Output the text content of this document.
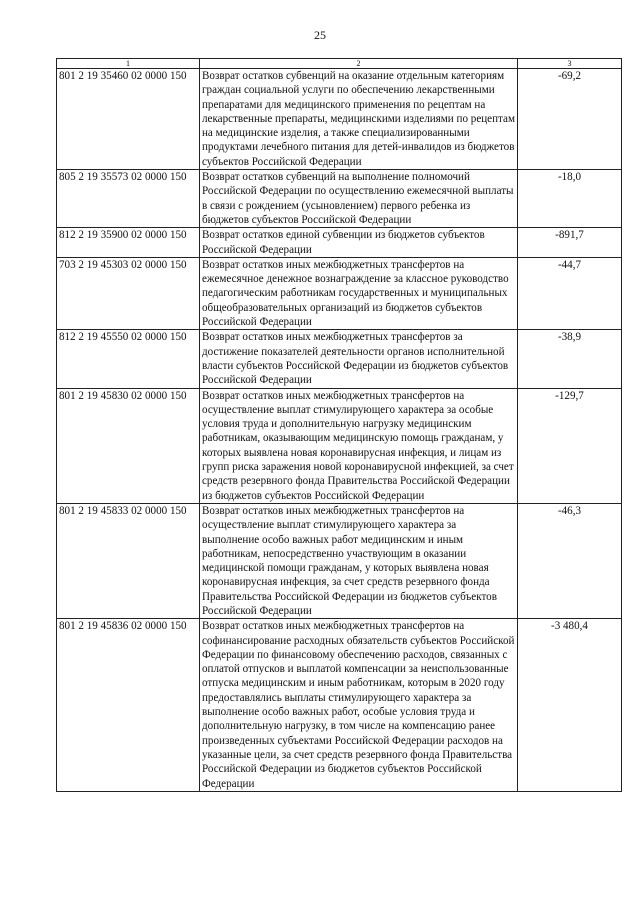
25
1	2	3
801 2 19 35460 02 0000 150	Возврат остатков субвенций на оказание отдельным категориям граждан социальной услуги по обеспечению лекарственными препаратами для медицинского применения по рецептам на лекарственные препараты, медицинскими изделиями по рецептам на медицинские изделия, а также специализированными продуктами лечебного питания для детей-инвалидов из бюджетов субъектов Российской Федерации	-69,2
805 2 19 35573 02 0000 150	Возврат остатков субвенций на выполнение полномочий Российской Федерации по осуществлению ежемесячной выплаты в связи с рождением (усыновлением) первого ребенка из бюджетов субъектов Российской Федерации	-18,0
812 2 19 35900 02 0000 150	Возврат остатков единой субвенции из бюджетов субъектов Российской Федерации	-891,7
703 2 19 45303 02 0000 150	Возврат остатков иных межбюджетных трансфертов на ежемесячное денежное вознаграждение за классное руководство педагогическим работникам государственных и муниципальных общеобразовательных организаций из бюджетов субъектов Российской Федерации	-44,7
812 2 19 45550 02 0000 150	Возврат остатков иных межбюджетных трансфертов за достижение показателей деятельности органов исполнительной власти субъектов Российской Федерации из бюджетов субъектов Российской Федерации	-38,9
801 2 19 45830 02 0000 150	Возврат остатков иных межбюджетных трансфертов на осуществление выплат стимулирующего характера за особые условия труда и дополнительную нагрузку медицинским работникам, оказывающим медицинскую помощь гражданам, у которых выявлена новая коронавирусная инфекция, и лицам из групп риска заражения новой коронавирусной инфекцией, за счет средств резервного фонда Правительства Российской Федерации из бюджетов субъектов Российской Федерации	-129,7
801 2 19 45833 02 0000 150	Возврат остатков иных межбюджетных трансфертов на осуществление выплат стимулирующего характера за выполнение особо важных работ медицинским и иным работникам, непосредственно участвующим в оказании медицинской помощи гражданам, у которых выявлена новая коронавирусная инфекция, за счет средств резервного фонда Правительства Российской Федерации из бюджетов субъектов Российской Федерации	-46,3
801 2 19 45836 02 0000 150	Возврат остатков иных межбюджетных трансфертов на софинансирование расходных обязательств субъектов Российской Федерации по финансовому обеспечению расходов, связанных с оплатой отпусков и выплатой компенсации за неиспользованные отпуска медицинским и иным работникам, которым в 2020 году предоставлялись выплаты стимулирующего характера за выполнение особо важных работ, особые условия труда и дополнительную нагрузку, в том числе на компенсацию ранее произведенных субъектами Российской Федерации расходов на указанные цели, за счет средств резервного фонда Правительства Российской Федерации из бюджетов субъектов Российской Федерации	-3 480,4
